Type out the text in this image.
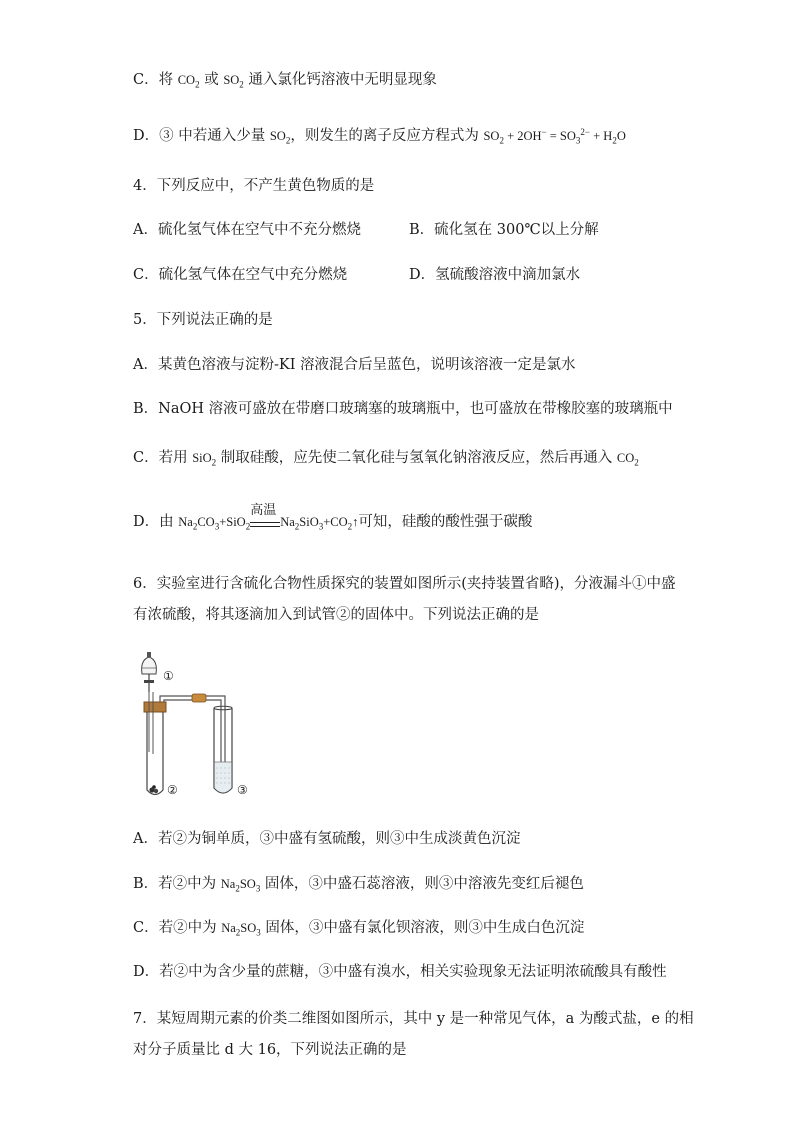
C．将 $CO_2$ 或 $SO_2$ 通入氯化钙溶液中无明显现象
D．③ 中若通入少量 $SO_2$，则发生的离子反应方程式为 $SO_2 + 2OH^- = SO_3^{2-} + H_2O$
4．下列反应中，不产生黄色物质的是
A．硫化氢气体在空气中不充分燃烧	B．硫化氢在 300℃以上分解
C．硫化氢气体在空气中充分燃烧	D．氢硫酸溶液中滴加氯水
5．下列说法正确的是
A．某黄色溶液与淀粉-KI 溶液混合后呈蓝色，说明该溶液一定是氯水
B．NaOH 溶液可盛放在带磨口玻璃塞的玻璃瓶中，也可盛放在带橡胶塞的玻璃瓶中
C．若用 SiO$_2$ 制取硅酸，应先使二氧化硅与氢氧化钠溶液反应，然后再通入 $CO_2$
D．由 $Na_2CO_3+SiO_2$
高温
$Na_2SiO_3+CO_2↑$可知，硅酸的酸性强于碳酸
6．实验室进行含硫化合物性质探究的装置如图所示(夹持装置省略)，分液漏斗①中盛
有浓硫酸，将其逐滴加入到试管②的固体中。下列说法正确的是
①
②	③
A．若②为铜单质，③中盛有氢硫酸，则③中生成淡黄色沉淀
B．若②中为 $Na_2SO_3$ 固体，③中盛石蕊溶液，则③中溶液先变红后褪色
C．若②中为 $Na_2SO_3$ 固体，③中盛有氯化钡溶液，则③中生成白色沉淀
D．若②中为含少量的蔗糖，③中盛有溴水，相关实验现象无法证明浓硫酸具有酸性
7．某短周期元素的价类二维图如图所示，其中 y 是一种常见气体，a 为酸式盐，e 的相
对分子质量比 d 大 16，下列说法正确的是
